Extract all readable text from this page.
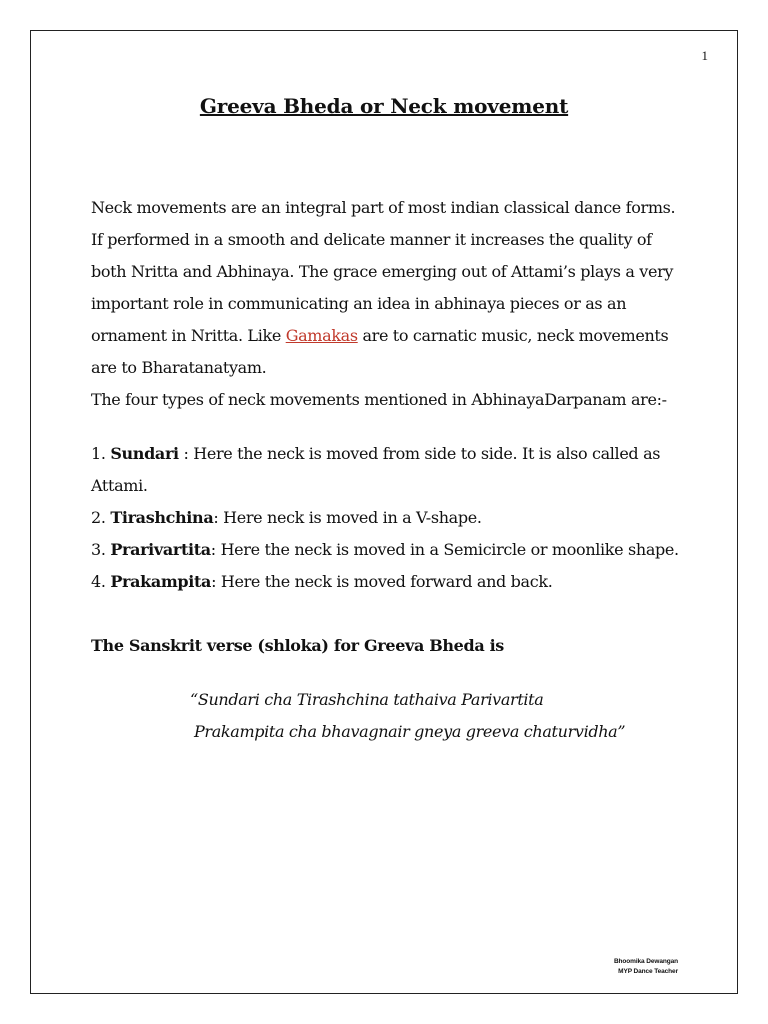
1
Greeva Bheda or Neck movement
Neck movements are an integral part of most indian classical dance forms. If performed in a smooth and delicate manner it increases the quality of both Nritta and Abhinaya. The grace emerging out of Attami’s plays a very important role in communicating an idea in abhinaya pieces or as an ornament in Nritta. Like Gamakas are to carnatic music, neck movements are to Bharatanatyam.
The four types of neck movements mentioned in AbhinayaDarpanam are:-
1. Sundari : Here the neck is moved from side to side. It is also called as Attami.
2. Tirashchina: Here neck is moved in a V-shape.
3. Prarivartita: Here the neck is moved in a Semicircle or moonlike shape.
4. Prakampita: Here the neck is moved forward and back.
The Sanskrit verse (shloka) for Greeva Bheda is
“Sundari cha Tirashchina tathaiva Parivartita
Prakampita cha bhavagnair gneya greeva chaturvidha”
Bhoomika Dewangan
MYP Dance Teacher
